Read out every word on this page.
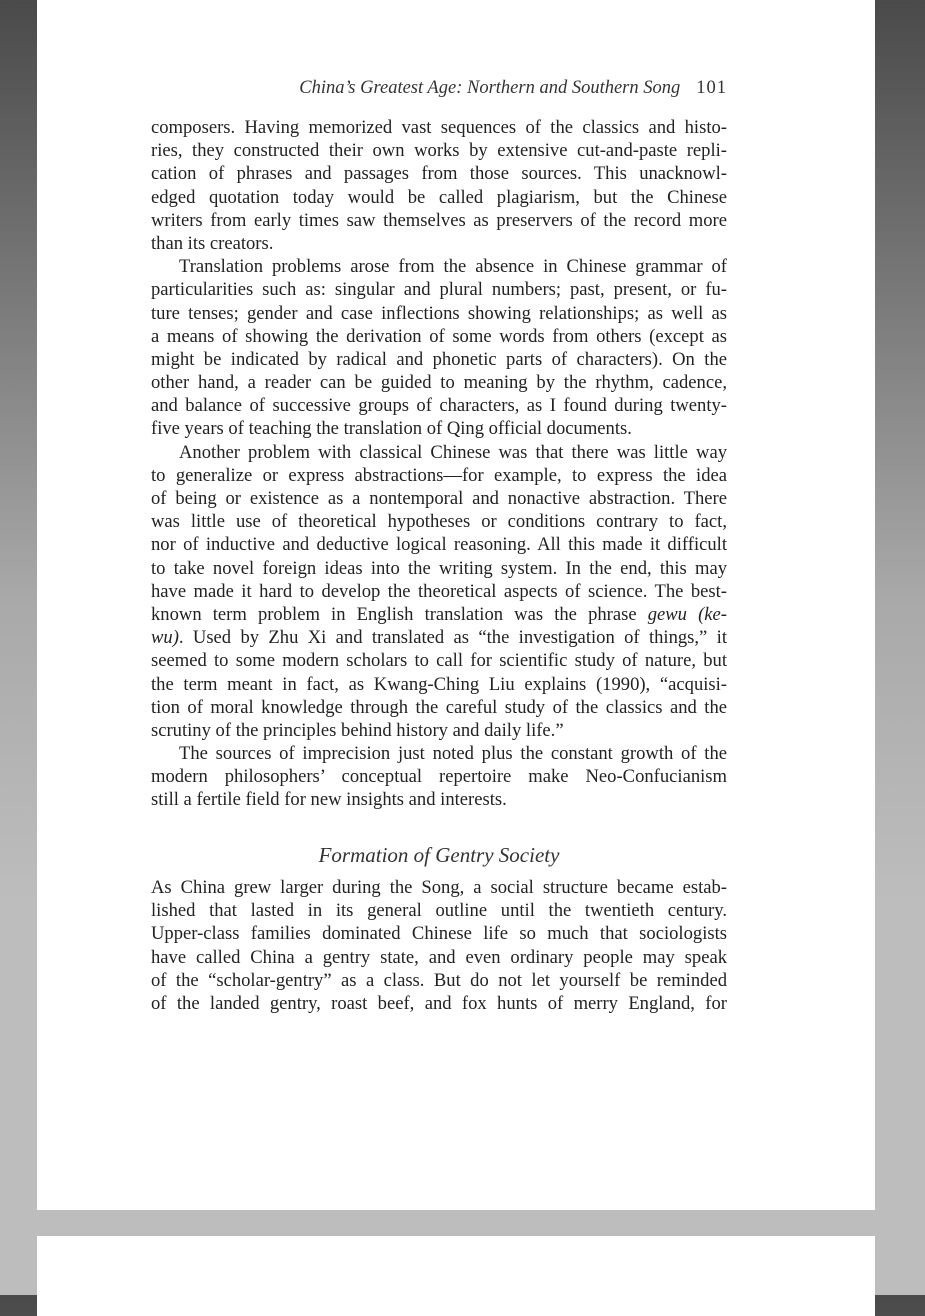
China’s Greatest Age: Northern and Southern Song 101
composers. Having memorized vast sequences of the classics and histo-
ries, they constructed their own works by extensive cut-and-paste repli-
cation of phrases and passages from those sources. This unacknowl-
edged quotation today would be called plagiarism, but the Chinese
writers from early times saw themselves as preservers of the record more
than its creators.
Translation problems arose from the absence in Chinese grammar of
particularities such as: singular and plural numbers; past, present, or fu-
ture tenses; gender and case inflections showing relationships; as well as
a means of showing the derivation of some words from others (except as
might be indicated by radical and phonetic parts of characters). On the
other hand, a reader can be guided to meaning by the rhythm, cadence,
and balance of successive groups of characters, as I found during twenty-
five years of teaching the translation of Qing official documents.
Another problem with classical Chinese was that there was little way
to generalize or express abstractions—for example, to express the idea
of being or existence as a nontemporal and nonactive abstraction. There
was little use of theoretical hypotheses or conditions contrary to fact,
nor of inductive and deductive logical reasoning. All this made it difficult
to take novel foreign ideas into the writing system. In the end, this may
have made it hard to develop the theoretical aspects of science. The best-
known term problem in English translation was the phrase gewu (ke-
wu). Used by Zhu Xi and translated as “the investigation of things,” it
seemed to some modern scholars to call for scientific study of nature, but
the term meant in fact, as Kwang-Ching Liu explains (1990), “acquisi-
tion of moral knowledge through the careful study of the classics and the
scrutiny of the principles behind history and daily life.”
The sources of imprecision just noted plus the constant growth of the
modern philosophers’ conceptual repertoire make Neo-Confucianism
still a fertile field for new insights and interests.
Formation of Gentry Society
As China grew larger during the Song, a social structure became estab-
lished that lasted in its general outline until the twentieth century.
Upper-class families dominated Chinese life so much that sociologists
have called China a gentry state, and even ordinary people may speak
of the “scholar-gentry” as a class. But do not let yourself be reminded
of the landed gentry, roast beef, and fox hunts of merry England, for
